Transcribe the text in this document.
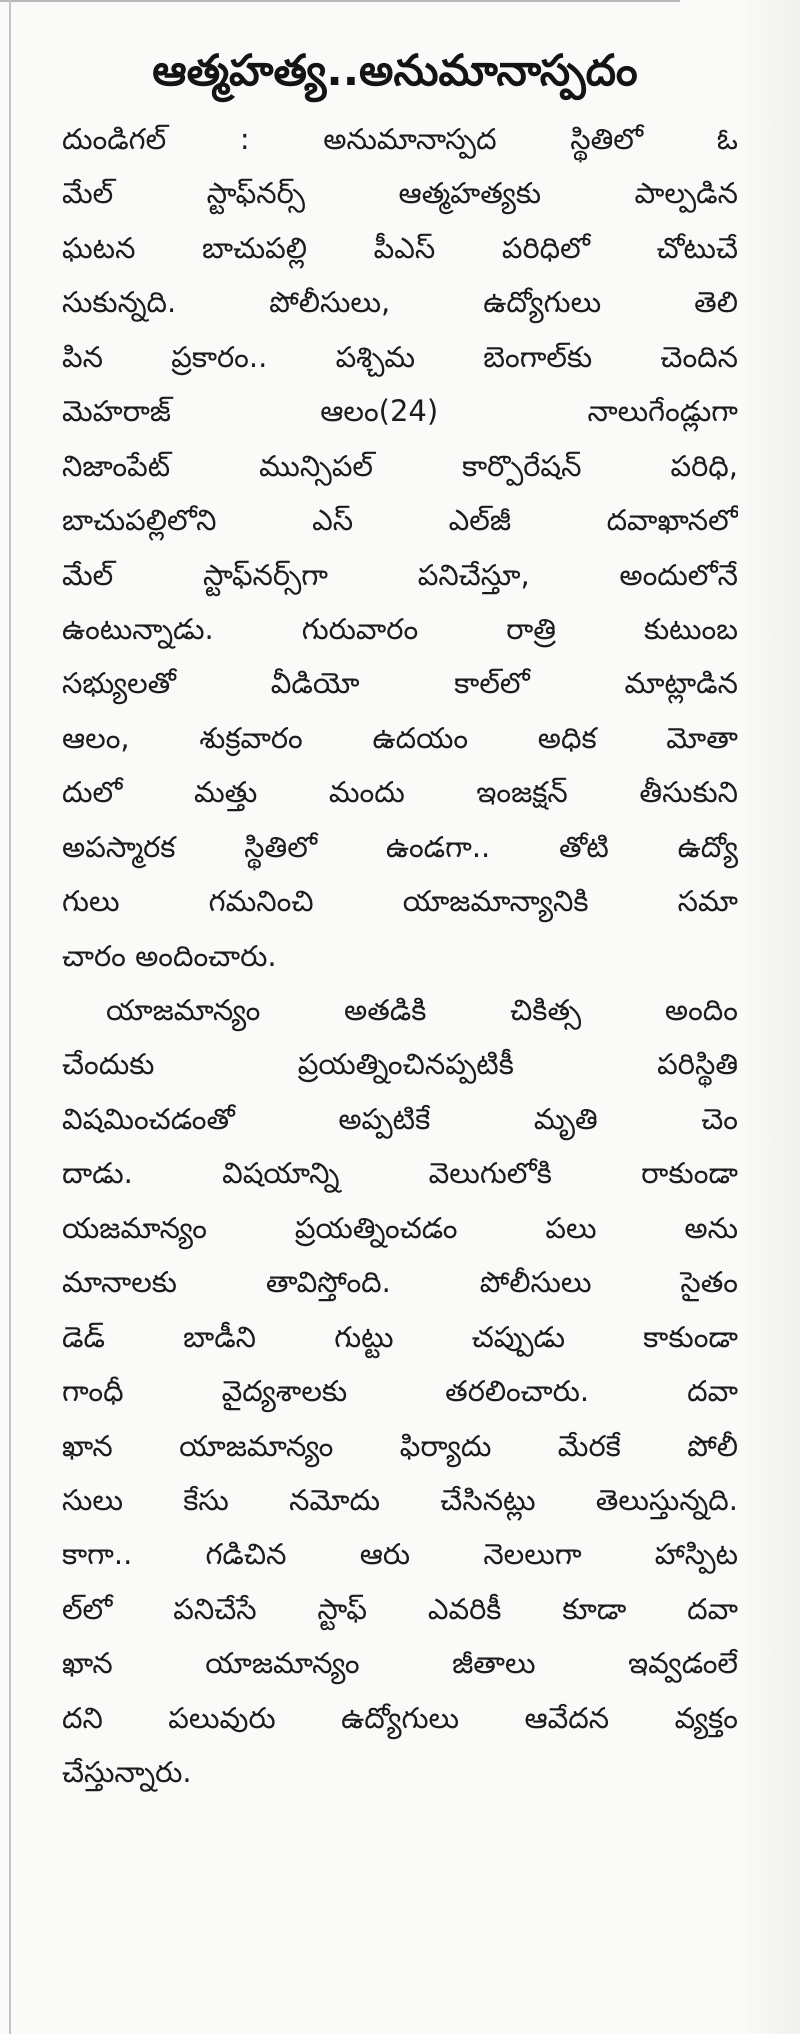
ఆత్మహత్య..అనుమానాస్పదం
దుండిగల్ : అనుమానాస్పద స్థితిలో ఓ
మేల్ స్టాఫ్‌నర్స్ ఆత్మహత్యకు పాల్పడిన
ఘటన బాచుపల్లి పీఎస్ పరిధిలో చోటుచే
సుకున్నది. పోలీసులు, ఉద్యోగులు తెలి
పిన ప్రకారం.. పశ్చిమ బెంగాల్‌కు చెందిన
మెహరాజ్ ఆలం(24) నాలుగేండ్లుగా
నిజాంపేట్ మున్సిపల్ కార్పొరేషన్ పరిధి,
బాచుపల్లిలోని ఎస్ ఎల్‌జీ దవాఖానలో
మేల్ స్టాఫ్‌నర్స్‌గా పనిచేస్తూ, అందులోనే
ఉంటున్నాడు. గురువారం రాత్రి కుటుంబ
సభ్యులతో వీడియో కాల్‌లో మాట్లాడిన
ఆలం, శుక్రవారం ఉదయం అధిక మోతా
దులో మత్తు మందు ఇంజక్షన్ తీసుకుని
అపస్మారక స్థితిలో ఉండగా.. తోటి ఉద్యో
గులు గమనించి యాజమాన్యానికి సమా
చారం అందించారు.
యాజమాన్యం అతడికి చికిత్స అందిం
చేందుకు ప్రయత్నించినప్పటికీ పరిస్థితి
విషమించడంతో అప్పటికే మృతి చెం
దాడు. విషయాన్ని వెలుగులోకి రాకుండా
యజమాన్యం ప్రయత్నించడం పలు అను
మానాలకు తావిస్తోంది. పోలీసులు సైతం
డెడ్ బాడీని గుట్టు చప్పుడు కాకుండా
గాంధీ వైద్యశాలకు తరలించారు. దవా
ఖాన యాజమాన్యం ఫిర్యాదు మేరకే పోలీ
సులు కేసు నమోదు చేసినట్లు తెలుస్తున్నది.
కాగా.. గడిచిన ఆరు నెలలుగా హాస్పిట
ల్‌లో పనిచేసే స్టాఫ్ ఎవరికీ కూడా దవా
ఖాన యాజమాన్యం జీతాలు ఇవ్వడంలే
దని పలువురు ఉద్యోగులు ఆవేదన వ్యక్తం
చేస్తున్నారు.
